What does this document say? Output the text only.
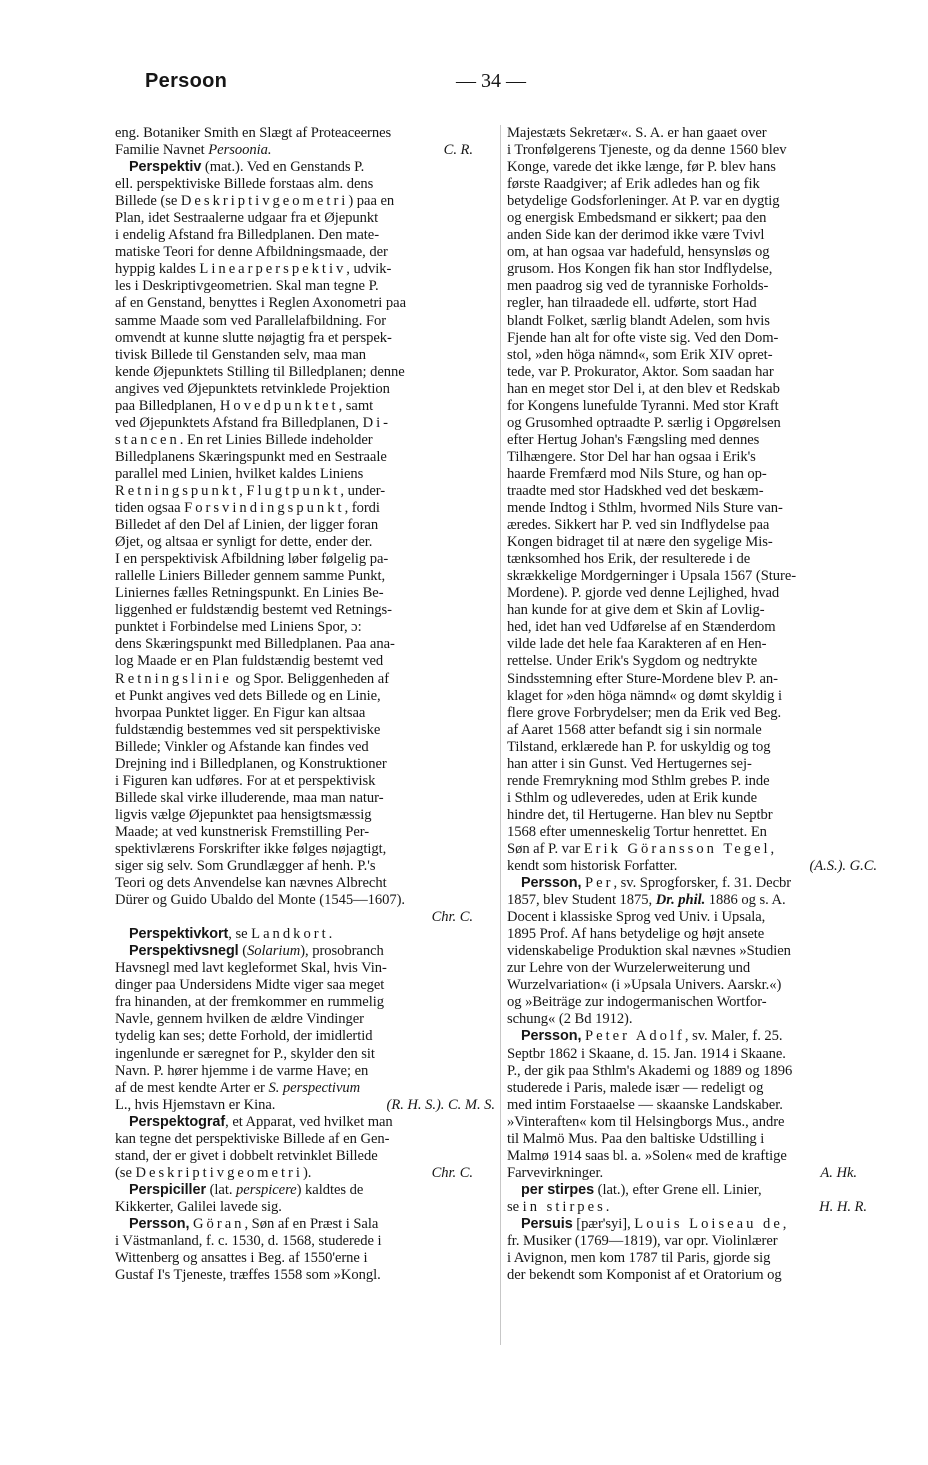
Persoon	— 34 —
eng. Botaniker Smith en Slægt af Proteaceernes
Familie Navnet Persoonia.	C. R.
Perspektiv (mat.). Ved en Genstands P.
ell. perspektiviske Billede forstaas alm. dens
Billede (se Deskriptivgeometri) paa en
Plan, idet Sestraalerne udgaar fra et Øjepunkt
i endelig Afstand fra Billedplanen. Den mate-
matiske Teori for denne Afbildningsmaade, der
hyppig kaldes Linearperspektiv, udvik-
les i Deskriptivgeometrien. Skal man tegne P.
af en Genstand, benyttes i Reglen Axonometri paa
samme Maade som ved Parallelafbildning. For
omvendt at kunne slutte nøjagtig fra et perspek-
tivisk Billede til Genstanden selv, maa man
kende Øjepunktets Stilling til Billedplanen; denne
angives ved Øjepunktets retvinklede Projektion
paa Billedplanen, Hovedpunktet, samt
ved Øjepunktets Afstand fra Billedplanen, Di-
stancen. En ret Linies Billede indeholder
Billedplanens Skæringspunkt med en Sestraale
parallel med Linien, hvilket kaldes Liniens
Retningspunkt, Flugtpunkt, under-
tiden ogsaa Forsvindingspunkt, fordi
Billedet af den Del af Linien, der ligger foran
Øjet, og altsaa er synligt for dette, ender der.
I en perspektivisk Afbildning løber følgelig pa-
rallelle Liniers Billeder gennem samme Punkt,
Liniernes fælles Retningspunkt. En Linies Be-
liggenhed er fuldstændig bestemt ved Retnings-
punktet i Forbindelse med Liniens Spor, ɔ:
dens Skæringspunkt med Billedplanen. Paa ana-
log Maade er en Plan fuldstændig bestemt ved
Retningslinie og Spor. Beliggenheden af
et Punkt angives ved dets Billede og en Linie,
hvorpaa Punktet ligger. En Figur kan altsaa
fuldstændig bestemmes ved sit perspektiviske
Billede; Vinkler og Afstande kan findes ved
Drejning ind i Billedplanen, og Konstruktioner
i Figuren kan udføres. For at et perspektivisk
Billede skal virke illuderende, maa man natur-
ligvis vælge Øjepunktet paa hensigtsmæssig
Maade; at ved kunstnerisk Fremstilling Per-
spektivlærens Forskrifter ikke følges nøjagtigt,
siger sig selv. Som Grundlægger af henh. P.'s
Teori og dets Anvendelse kan nævnes Albrecht
Dürer og Guido Ubaldo del Monte (1545—1607).
Chr. C.
Perspektivkort, se Landkort.
Perspektivsnegl (Solarium), prosobranch
Havsnegl med lavt kegleformet Skal, hvis Vin-
dinger paa Undersidens Midte viger saa meget
fra hinanden, at der fremkommer en rummelig
Navle, gennem hvilken de ældre Vindinger
tydelig kan ses; dette Forhold, der imidlertid
ingenlunde er særegnet for P., skylder den sit
Navn. P. hører hjemme i de varme Have; en
af de mest kendte Arter er S. perspectivum
L., hvis Hjemstavn er Kina.	(R. H. S.). C. M. S.
Perspektograf, et Apparat, ved hvilket man
kan tegne det perspektiviske Billede af en Gen-
stand, der er givet i dobbelt retvinklet Billede
(se Deskriptivgeometri).	Chr. C.
Perspiciller (lat. perspicere) kaldtes de
Kikkerter, Galilei lavede sig.
Persson, Göran, Søn af en Præst i Sala
i Västmanland, f. c. 1530, d. 1568, studerede i
Wittenberg og ansattes i Beg. af 1550'erne i
Gustaf I's Tjeneste, træffes 1558 som »Kongl.
Majestæts Sekretær«. S. A. er han gaaet over
i Tronfølgerens Tjeneste, og da denne 1560 blev
Konge, varede det ikke længe, før P. blev hans
første Raadgiver; af Erik adledes han og fik
betydelige Godsforleninger. At P. var en dygtig
og energisk Embedsmand er sikkert; paa den
anden Side kan der derimod ikke være Tvivl
om, at han ogsaa var hadefuld, hensynsløs og
grusom. Hos Kongen fik han stor Indflydelse,
men paadrog sig ved de tyranniske Forholds-
regler, han tilraadede ell. udførte, stort Had
blandt Folket, særlig blandt Adelen, som hvis
Fjende han alt for ofte viste sig. Ved den Dom-
stol, »den höga nämnd«, som Erik XIV opret-
tede, var P. Prokurator, Aktor. Som saadan har
han en meget stor Del i, at den blev et Redskab
for Kongens lunefulde Tyranni. Med stor Kraft
og Grusomhed optraadte P. særlig i Opgørelsen
efter Hertug Johan's Fængsling med dennes
Tilhængere. Stor Del har han ogsaa i Erik's
haarde Fremfærd mod Nils Sture, og han op-
traadte med stor Hadskhed ved det beskæm-
mende Indtog i Sthlm, hvormed Nils Sture van-
æredes. Sikkert har P. ved sin Indflydelse paa
Kongen bidraget til at nære den sygelige Mis-
tænksomhed hos Erik, der resulterede i de
skrækkelige Mordgerninger i Upsala 1567 (Sture-
Mordene). P. gjorde ved denne Lejlighed, hvad
han kunde for at give dem et Skin af Lovlig-
hed, idet han ved Udførelse af en Stænderdom
vilde lade det hele faa Karakteren af en Hen-
rettelse. Under Erik's Sygdom og nedtrykte
Sindsstemning efter Sture-Mordene blev P. an-
klaget for »den höga nämnd« og dømt skyldig i
flere grove Forbrydelser; men da Erik ved Beg.
af Aaret 1568 atter befandt sig i sin normale
Tilstand, erklærede han P. for uskyldig og tog
han atter i sin Gunst. Ved Hertugernes sej-
rende Fremrykning mod Sthlm grebes P. inde
i Sthlm og udleveredes, uden at Erik kunde
hindre det, til Hertugerne. Han blev nu Septbr
1568 efter umenneskelig Tortur henrettet. En
Søn af P. var Erik Göransson Tegel,
kendt som historisk Forfatter.	(A.S.). G.C.
Persson, Per, sv. Sprogforsker, f. 31. Decbr
1857, blev Student 1875, Dr. phil. 1886 og s. A.
Docent i klassiske Sprog ved Univ. i Upsala,
1895 Prof. Af hans betydelige og højt ansete
videnskabelige Produktion skal nævnes »Studien
zur Lehre von der Wurzelerweiterung und
Wurzelvariation« (i »Upsala Univers. Aarskr.«)
og »Beiträge zur indogermanischen Wortfor-
schung« (2 Bd 1912).
Persson, Peter Adolf, sv. Maler, f. 25.
Septbr 1862 i Skaane, d. 15. Jan. 1914 i Skaane.
P., der gik paa Sthlm's Akademi og 1889 og 1896
studerede i Paris, malede især — redeligt og
med intim Forstaaelse — skaanske Landskaber.
»Vinteraften« kom til Helsingborgs Mus., andre
til Malmö Mus. Paa den baltiske Udstilling i
Malmø 1914 saas bl. a. »Solen« med de kraftige
Farvevirkninger.	A. Hk.
per stirpes (lat.), efter Grene ell. Linier,
se in stirpes.	H. H. R.
Persuis [pær'syi], Louis Loiseau de,
fr. Musiker (1769—1819), var opr. Violinlærer
i Avignon, men kom 1787 til Paris, gjorde sig
der bekendt som Komponist af et Oratorium og
